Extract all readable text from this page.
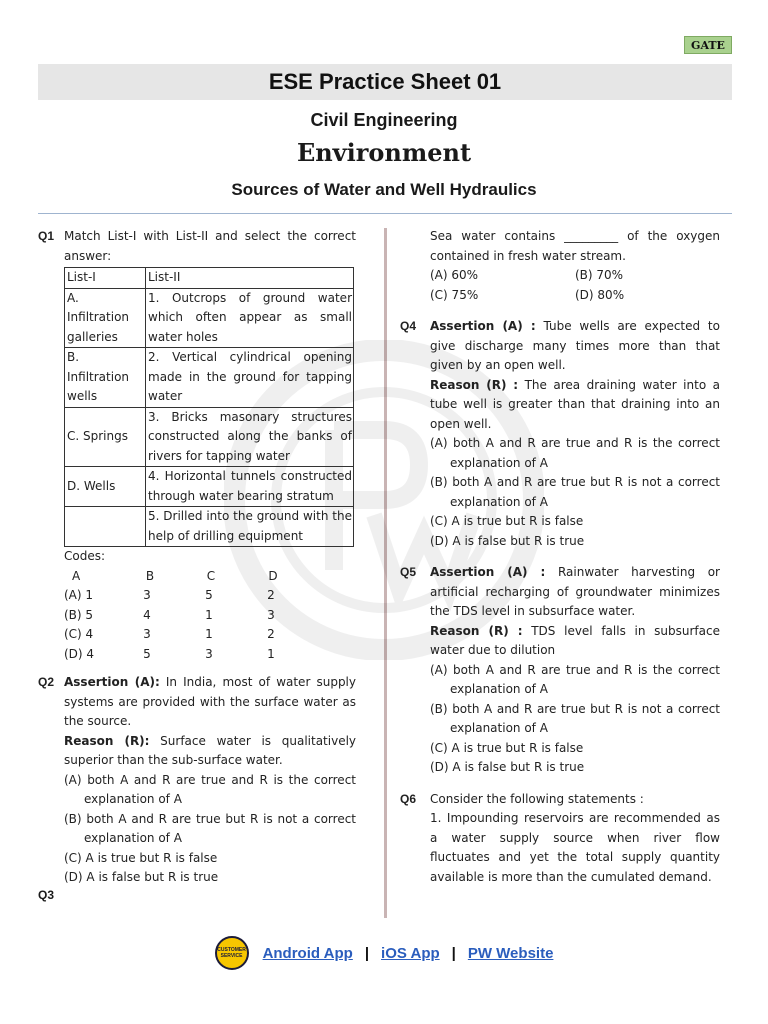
GATE
ESE Practice Sheet 01
Civil Engineering
Environment
Sources of Water and Well Hydraulics
Q1 Match List-I with List-II and select the correct answer:
List-I	List-II
A. Infiltration galleries	1. Outcrops of ground water which often appear as small water holes
B. Infiltration wells	2. Vertical cylindrical opening made in the ground for tapping water
C. Springs	3. Bricks masonary structures constructed along the banks of rivers for tapping water
D. Wells	4. Horizontal tunnels constructed through water bearing stratum
	5. Drilled into the ground with the help of drilling equipment
Codes:
A	B	C	D
(A) 1	3	5	2
(B) 5	4	1	3
(C) 4	3	1	2
(D) 4	5	3	1
Q2 Assertion (A): In India, most of water supply systems are provided with the surface water as the source.
Reason (R): Surface water is qualitatively superior than the sub-surface water.
(A) both A and R are true and R is the correct explanation of A
(B) both A and R are true but R is not a correct explanation of A
(C) A is true but R is false
(D) A is false but R is true
Q3
Sea water contains _________ of the oxygen contained in fresh water stream.
(A) 60%	(B) 70%
(C) 75%	(D) 80%
Q4	Assertion (A) : Tube wells are expected to give discharge many times more than that given by an open well.
Reason (R) : The area draining water into a tube well is greater than that draining into an open well.
(A) both A and R are true and R is the correct explanation of A
(B) both A and R are true but R is not a correct explanation of A
(C) A is true but R is false
(D) A is false but R is true
Q5	Assertion (A) : Rainwater harvesting or artificial recharging of groundwater minimizes the TDS level in subsurface water.
Reason (R) : TDS level falls in subsurface water due to dilution
(A) both A and R are true and R is the correct explanation of A
(B) both A and R are true but R is not a correct explanation of A
(C) A is true but R is false
(D) A is false but R is true
Q6	Consider the following statements :
1. Impounding reservoirs are recommended as a water supply source when river flow fluctuates and yet the total supply quantity available is more than the cumulated demand.
CUSTOMER SERVICE Android App | iOS App | PW Website
